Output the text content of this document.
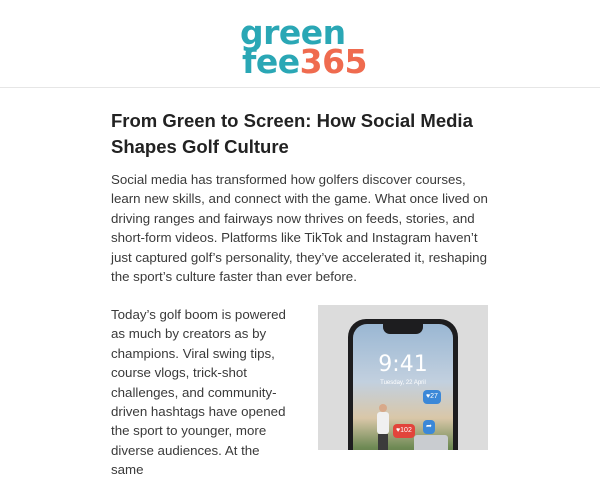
green
fee365
From Green to Screen: How Social Media Shapes Golf Culture

Social media has transformed how golfers discover courses, learn new skills, and connect with the game. What once lived on driving ranges and fairways now thrives on feeds, stories, and short-form videos. Platforms like TikTok and Instagram haven’t just captured golf’s personality, they’ve accelerated it, reshaping the sport’s culture faster than ever before.

Today’s golf boom is powered as much by creators as by champions. Viral swing tips, course vlogs, trick-shot challenges, and community-driven hashtags have opened the sport to younger, more diverse audiences. At the same

9:41
Tuesday, 22 April
♥27
➦
♥102
